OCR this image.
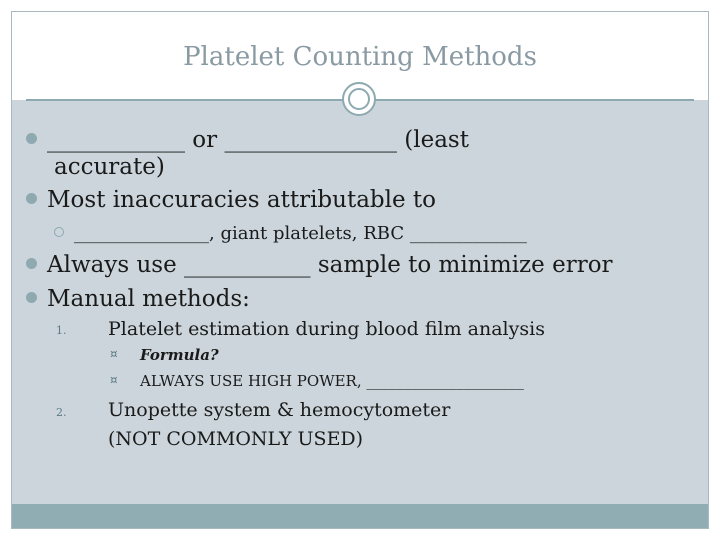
Platelet Counting Methods
____________ or _______________ (least
accurate)
Most inaccuracies attributable to
_______________, giant platelets, RBC _____________
Always use ___________ sample to minimize error
Manual methods:
1. Platelet estimation during blood film analysis
¤ Formula?
¤ ALWAYS USE HIGH POWER, _____________________
2. Unopette system & hemocytometer
(NOT COMMONLY USED)
